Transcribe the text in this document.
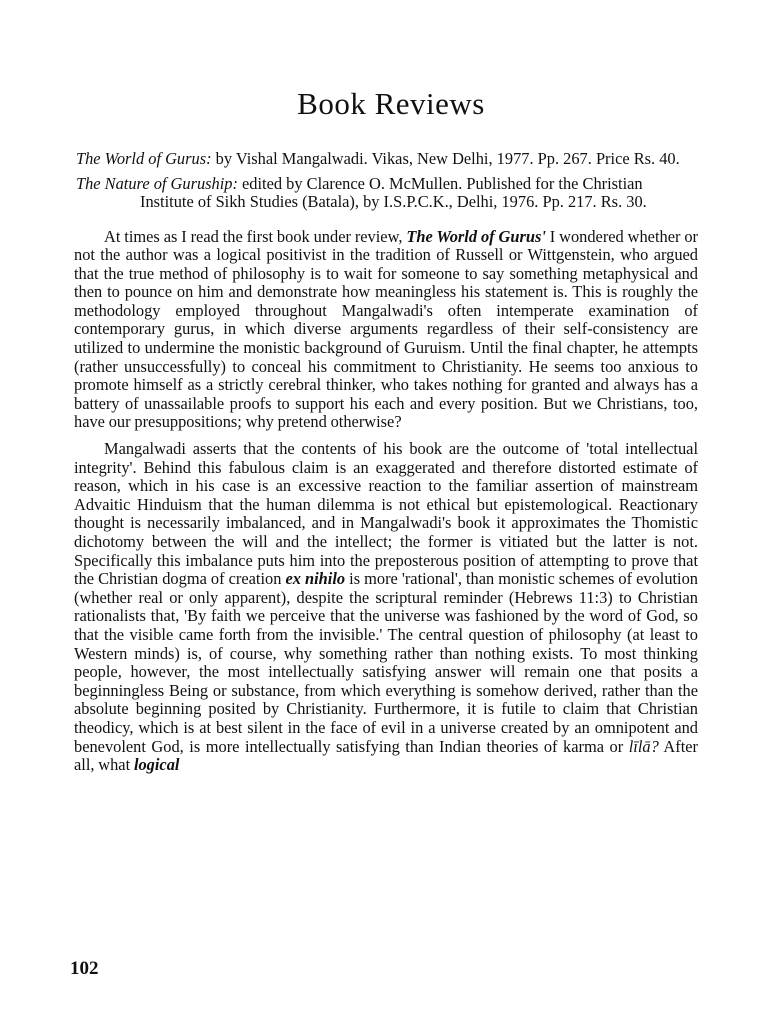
Book Reviews

The World of Gurus: by Vishal Mangalwadi. Vikas, New Delhi, 1977. Pp. 267. Price Rs. 40.

The Nature of Guruship: edited by Clarence O. McMullen. Published for the Christian Institute of Sikh Studies (Batala), by I.S.P.C.K., Delhi, 1976. Pp. 217. Rs. 30.

At times as I read the first book under review, The World of Gurus' I wondered whether or not the author was a logical positivist in the tradition of Russell or Wittgenstein, who argued that the true method of philosophy is to wait for someone to say something metaphysical and then to pounce on him and demonstrate how meaningless his statement is. This is roughly the methodology employed throughout Mangalwadi's often intemperate examination of contemporary gurus, in which diverse arguments regardless of their self-consistency are utilized to undermine the monistic background of Guruism. Until the final chapter, he attempts (rather unsuccessfully) to conceal his commitment to Christianity. He seems too anxious to promote himself as a strictly cerebral thinker, who takes nothing for granted and always has a battery of unassailable proofs to support his each and every position. But we Christians, too, have our presuppositions; why pretend otherwise?

Mangalwadi asserts that the contents of his book are the outcome of 'total intellectual integrity'. Behind this fabulous claim is an exaggerated and therefore distorted estimate of reason, which in his case is an excessive reaction to the familiar assertion of mainstream Advaitic Hinduism that the human dilemma is not ethical but epistemological. Reactionary thought is necessarily imbalanced, and in Mangalwadi's book it approximates the Thomistic dichotomy between the will and the intellect; the former is vitiated but the latter is not. Specifically this imbalance puts him into the preposterous position of attempting to prove that the Christian dogma of creation ex nihilo is more 'rational', than monistic schemes of evolution (whether real or only apparent), despite the scriptural reminder (Hebrews 11:3) to Christian rationalists that, 'By faith we perceive that the universe was fashioned by the word of God, so that the visible came forth from the invisible.' The central question of philosophy (at least to Western minds) is, of course, why something rather than nothing exists. To most thinking people, however, the most intellectually satisfying answer will remain one that posits a beginningless Being or substance, from which everything is somehow derived, rather than the absolute beginning posited by Christianity. Furthermore, it is futile to claim that Christian theodicy, which is at best silent in the face of evil in a universe created by an omnipotent and benevolent God, is more intellectually satisfying than Indian theories of karma or līlā? After all, what logical

102
